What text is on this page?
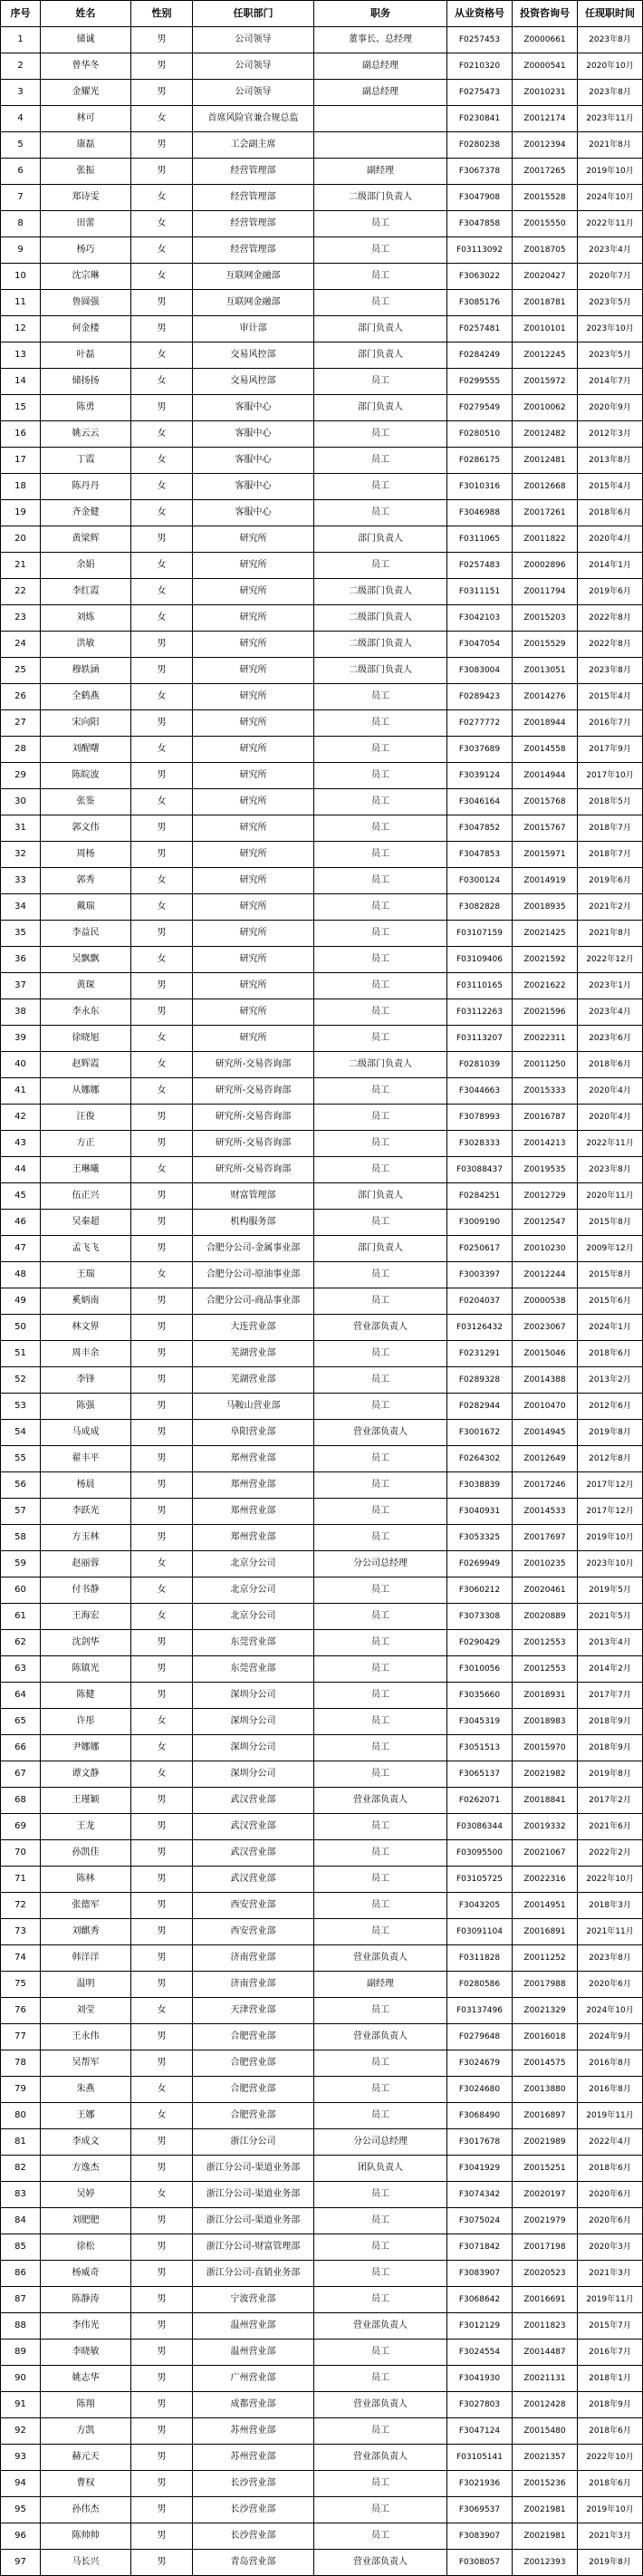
序号	姓名	性别	任职部门	职务	从业资格号	投资咨询号	任现职时间
1	储诚	男	公司领导	董事长、总经理	F0257453	Z0000661	2023年8月
2	曾华冬	男	公司领导	副总经理	F0210320	Z0000541	2020年10月
3	金耀光	男	公司领导	副总经理	F0275473	Z0010231	2023年8月
4	林可	女	首席风险官兼合规总监		F0230841	Z0012174	2023年11月
5	康磊	男	工会副主席		F0280238	Z0012394	2021年8月
6	张振	男	经营管理部	副经理	F3067378	Z0017265	2019年10月
7	郑诗雯	女	经营管理部	二级部门负责人	F3047908	Z0015528	2024年10月
8	田蕾	女	经营管理部	员工	F3047858	Z0015550	2022年11月
9	杨巧	女	经营管理部	员工	F03113092	Z0018705	2023年4月
10	沈宗琳	女	互联网金融部	员工	F3063022	Z0020427	2020年7月
11	鲁圆强	男	互联网金融部	员工	F3085176	Z0018781	2023年5月
12	何金楼	男	审计部	部门负责人	F0257481	Z0010101	2023年10月
13	叶磊	女	交易风控部	部门负责人	F0284249	Z0012245	2023年5月
14	储扬扬	女	交易风控部	员工	F0299555	Z0015972	2014年7月
15	陈勇	男	客服中心	部门负责人	F0279549	Z0010062	2020年9月
16	姚云云	女	客服中心	员工	F0280510	Z0012482	2012年3月
17	丁霞	女	客服中心	员工	F0286175	Z0012481	2013年8月
18	陈丹丹	女	客服中心	员工	F3010316	Z0012668	2015年4月
19	齐金健	女	客服中心	员工	F3046988	Z0017261	2018年6月
20	黄梁辉	男	研究所	部门负责人	F0311065	Z0011822	2020年4月
21	余娟	女	研究所	员工	F0257483	Z0002896	2014年1月
22	李红霞	女	研究所	二级部门负责人	F0311151	Z0011794	2019年6月
23	刘炼	女	研究所	二级部门负责人	F3042103	Z0015203	2022年8月
24	洪敏	男	研究所	二级部门负责人	F3047054	Z0015529	2022年8月
25	穆轶涵	男	研究所	二级部门负责人	F3083004	Z0013051	2023年8月
26	全鹤燕	女	研究所	员工	F0289423	Z0014276	2015年4月
27	宋向阳	男	研究所	员工	F0277772	Z0018944	2016年7月
28	刘醒曙	女	研究所	员工	F3037689	Z0014558	2017年9月
29	陈皖波	男	研究所	员工	F3039124	Z0014944	2017年10月
30	张鉴	女	研究所	员工	F3046164	Z0015768	2018年5月
31	郭文伟	男	研究所	员工	F3047852	Z0015767	2018年7月
32	周杨	男	研究所	员工	F3047853	Z0015971	2018年7月
33	郭秀	女	研究所	员工	F0300124	Z0014919	2019年6月
34	戴瑞	女	研究所	员工	F3082828	Z0018935	2021年2月
35	李益民	男	研究所	员工	F03107159	Z0021425	2021年8月
36	吴飘飘	女	研究所	员工	F03109406	Z0021592	2022年12月
37	黄琛	男	研究所	员工	F03110165	Z0021622	2023年1月
38	李永东	男	研究所	员工	F03112263	Z0021596	2023年4月
39	徐晓旭	女	研究所	员工	F03113207	Z0022311	2023年6月
40	赵辉霞	女	研究所-交易咨询部	二级部门负责人	F0281039	Z0011250	2018年6月
41	从娜娜	女	研究所-交易咨询部	员工	F3044663	Z0015333	2020年4月
42	汪俊	男	研究所-交易咨询部	员工	F3078993	Z0016787	2020年4月
43	方正	男	研究所-交易咨询部	员工	F3028333	Z0014213	2022年11月
44	王琳曦	女	研究所-交易咨询部	员工	F03088437	Z0019535	2023年8月
45	伍正兴	男	财富管理部	部门负责人	F0284251	Z0012729	2020年11月
46	吴秦超	男	机构服务部	员工	F3009190	Z0012547	2015年8月
47	孟飞飞	男	合肥分公司-金属事业部	部门负责人	F0250617	Z0010230	2009年12月
48	王瑞	女	合肥分公司-原油事业部	员工	F3003397	Z0012244	2015年8月
49	奚炳南	男	合肥分公司-商品事业部	员工	F0204037	Z0000538	2015年6月
50	林文界	男	大连营业部	营业部负责人	F03126432	Z0023067	2024年1月
51	周丰余	男	芜湖营业部	员工	F0231291	Z0015046	2018年6月
52	李锋	男	芜湖营业部	员工	F0289328	Z0014388	2013年2月
53	陈强	男	马鞍山营业部	员工	F0282944	Z0010470	2012年6月
54	马成成	男	阜阳营业部	营业部负责人	F3001672	Z0014945	2019年8月
55	翟丰平	男	郑州营业部	员工	F0264302	Z0012649	2012年8月
56	杨晨	男	郑州营业部	员工	F3038839	Z0017246	2017年12月
57	李跃光	男	郑州营业部	员工	F3040931	Z0014533	2017年12月
58	方玉林	男	郑州营业部	员工	F3053325	Z0017697	2019年10月
59	赵丽蓉	女	北京分公司	分公司总经理	F0269949	Z0010235	2023年10月
60	付书静	女	北京分公司	员工	F3060212	Z0020461	2019年5月
61	王海宏	女	北京分公司	员工	F3073308	Z0020889	2021年5月
62	沈剑华	男	东莞营业部	员工	F0290429	Z0012553	2013年4月
63	陈镇光	男	东莞营业部	员工	F3010056	Z0012553	2014年2月
64	陈健	男	深圳分公司	员工	F3035660	Z0018931	2017年7月
65	许彤	女	深圳分公司	员工	F3045319	Z0018983	2018年9月
66	尹娜娜	女	深圳分公司	员工	F3051513	Z0015970	2018年9月
67	谭文静	女	深圳分公司	员工	F3065137	Z0021982	2019年8月
68	王瑾颖	男	武汉营业部	营业部负责人	F0262071	Z0018841	2017年2月
69	王龙	男	武汉营业部	员工	F03086344	Z0019332	2021年6月
70	孙凯佳	男	武汉营业部	员工	F03095500	Z0021067	2022年2月
71	陈林	男	武汉营业部	员工	F03105725	Z0022316	2022年10月
72	张德军	男	西安营业部	员工	F3043205	Z0014951	2018年3月
73	刘麒秀	男	西安营业部	员工	F03091104	Z0016891	2021年11月
74	韩洋洋	男	济南营业部	营业部负责人	F0311828	Z0011252	2023年8月
75	温明	男	济南营业部	副经理	F0280586	Z0017988	2020年6月
76	刘莹	女	天津营业部	员工	F03137496	Z0021329	2024年10月
77	王永伟	男	合肥营业部	营业部负责人	F0279648	Z0016018	2024年9月
78	吴帮军	男	合肥营业部	员工	F3024679	Z0014575	2016年8月
79	朱燕	女	合肥营业部	员工	F3024680	Z0013880	2016年8月
80	王娜	女	合肥营业部	员工	F3068490	Z0016897	2019年11月
81	李成文	男	浙江分公司	分公司总经理	F3017678	Z0021989	2022年4月
82	方逸杰	男	浙江分公司-渠道业务部	团队负责人	F3041929	Z0015251	2018年6月
83	吴婷	女	浙江分公司-渠道业务部	员工	F3074342	Z0020197	2020年6月
84	刘肥肥	男	浙江分公司-渠道业务部	员工	F3075024	Z0021979	2020年6月
85	徐松	男	浙江分公司-财富管理部	员工	F3071842	Z0017198	2020年3月
86	杨威奇	男	浙江分公司-直销业务部	员工	F3083907	Z0020523	2021年3月
87	陈静涛	男	宁波营业部	员工	F3068642	Z0016691	2019年11月
88	李伟光	男	温州营业部	营业部负责人	F3012129	Z0011823	2015年7月
89	李晓敏	男	温州营业部	员工	F3024554	Z0014487	2016年7月
90	姚志华	男	广州营业部	员工	F3041930	Z0021131	2018年1月
91	陈翔	男	成都营业部	营业部负责人	F3027803	Z0012428	2018年9月
92	方凯	男	苏州营业部	员工	F3047124	Z0015480	2018年6月
93	赫元天	男	苏州营业部	营业部负责人	F03105141	Z0021357	2022年10月
94	曹权	男	长沙营业部	员工	F3021936	Z0015236	2018年6月
95	孙伟杰	男	长沙营业部	员工	F3069537	Z0021981	2019年10月
96	陈帅帅	男	长沙营业部	员工	F3083907	Z0021981	2021年3月
97	马长兴	男	青岛营业部	营业部负责人	F0308057	Z0012393	2019年8月
